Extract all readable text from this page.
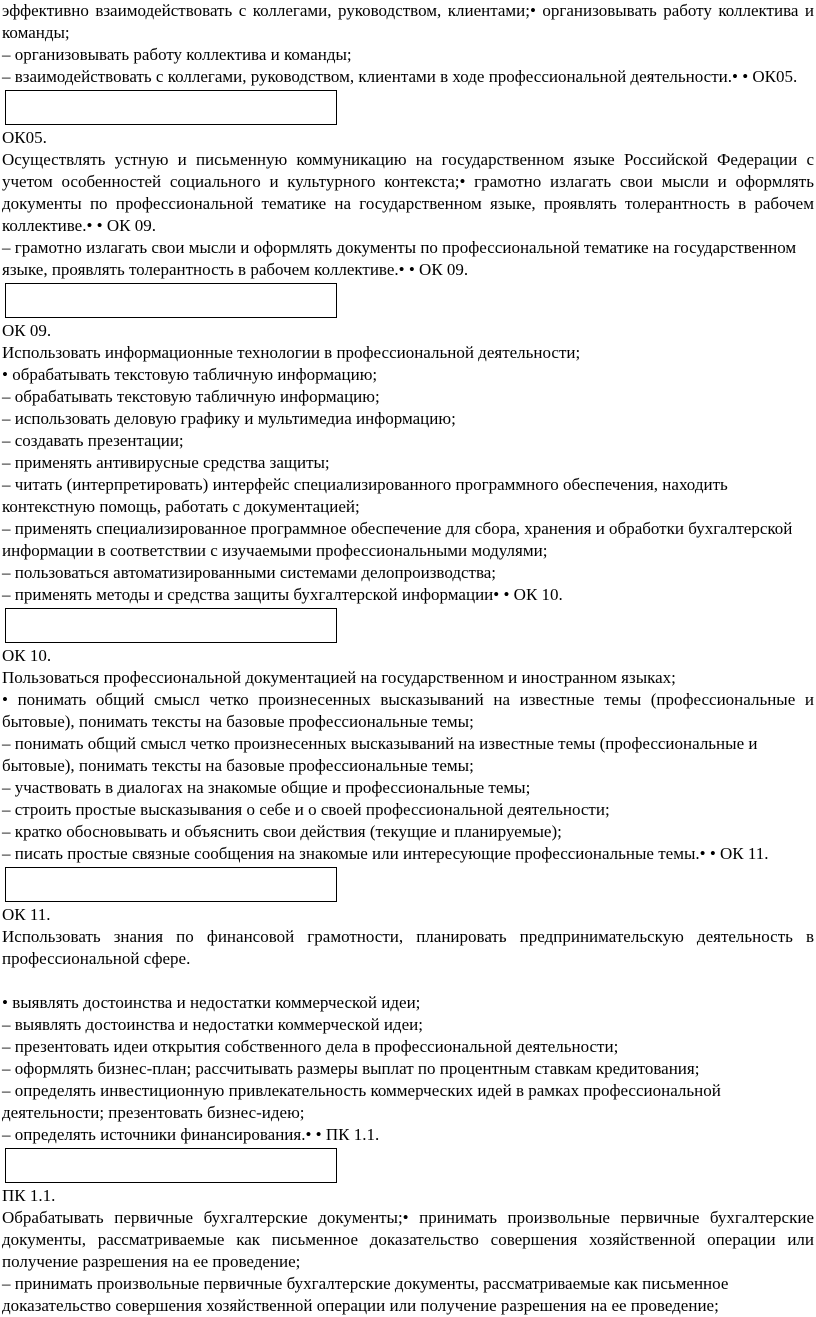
эффективно взаимодействовать с коллегами, руководством, клиентами;• организовывать работу коллектива и команды;

– организовывать работу коллектива и команды;

– взаимодействовать с коллегами, руководством, клиентами в ходе профессиональной деятельности.• • ОК05.

ОК05.

Осуществлять устную и письменную коммуникацию на государственном языке Российской Федерации с учетом особенностей социального и культурного контекста;• грамотно излагать свои мысли и оформлять документы по профессиональной тематике на государственном языке, проявлять толерантность в рабочем коллективе.• • ОК 09.

– грамотно излагать свои мысли и оформлять документы по профессиональной тематике на государственном языке, проявлять толерантность в рабочем коллективе.• • ОК 09.

ОК 09.

Использовать информационные технологии в профессиональной деятельности;

• обрабатывать текстовую табличную информацию;

– обрабатывать текстовую табличную информацию;

– использовать деловую графику и мультимедиа информацию;

– создавать презентации;

– применять антивирусные средства защиты;

– читать (интерпретировать) интерфейс специализированного программного обеспечения, находить контекстную помощь, работать с документацией;

– применять специализированное программное обеспечение для сбора, хранения и обработки бухгалтерской информации в соответствии с изучаемыми профессиональными модулями;

– пользоваться автоматизированными системами делопроизводства;

– применять методы и средства защиты бухгалтерской информации• • ОК 10.

ОК 10.

Пользоваться профессиональной документацией на государственном и иностранном языках;

• понимать общий смысл четко произнесенных высказываний на известные темы (профессиональные и бытовые), понимать тексты на базовые профессиональные темы;

– понимать общий смысл четко произнесенных высказываний на известные темы (профессиональные и бытовые), понимать тексты на базовые профессиональные темы;

– участвовать в диалогах на знакомые общие и профессиональные темы;

– строить простые высказывания о себе и о своей профессиональной деятельности;

– кратко обосновывать и объяснить свои действия (текущие и планируемые);

– писать простые связные сообщения на знакомые или интересующие профессиональные темы.• • ОК 11.

ОК 11.

Использовать знания по финансовой грамотности, планировать предпринимательскую деятельность в профессиональной сфере.

• выявлять достоинства и недостатки коммерческой идеи;

– выявлять достоинства и недостатки коммерческой идеи;

– презентовать идеи открытия собственного дела в профессиональной деятельности;

– оформлять бизнес-план; рассчитывать размеры выплат по процентным ставкам кредитования;

– определять инвестиционную привлекательность коммерческих идей в рамках профессиональной деятельности; презентовать бизнес-идею;

– определять источники финансирования.• • ПК 1.1.

ПК 1.1.

Обрабатывать первичные бухгалтерские документы;• принимать произвольные первичные бухгалтерские документы, рассматриваемые как письменное доказательство совершения хозяйственной операции или получение разрешения на ее проведение;

– принимать произвольные первичные бухгалтерские документы, рассматриваемые как письменное доказательство совершения хозяйственной операции или получение разрешения на ее проведение;
